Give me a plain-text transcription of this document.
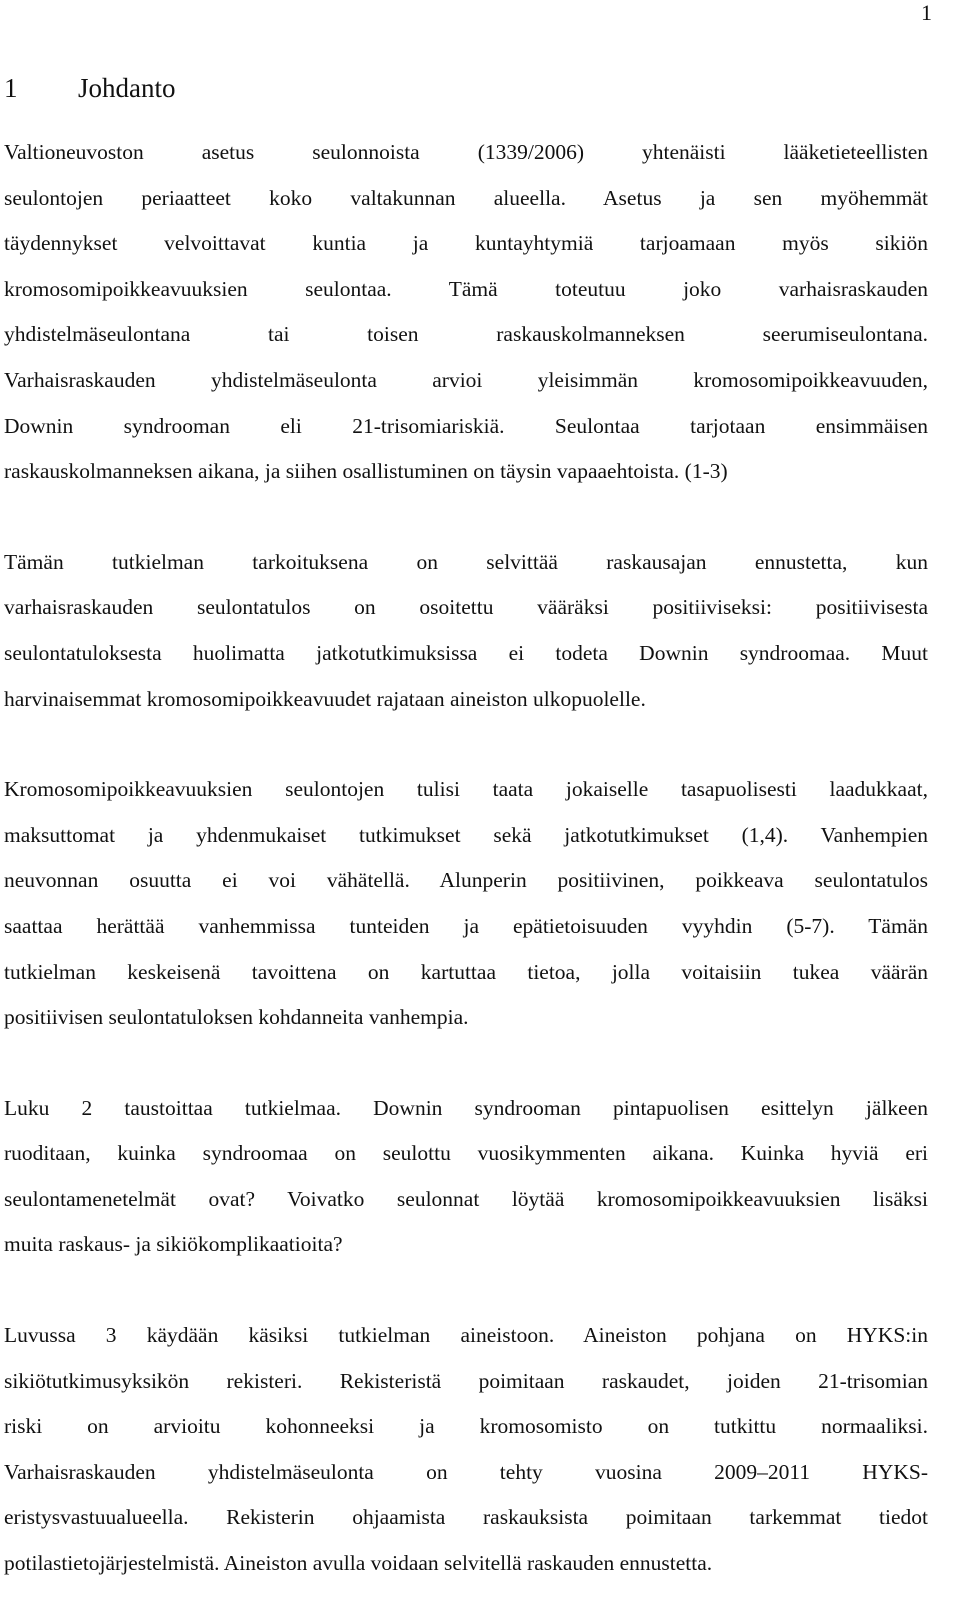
1
1 Johdanto

Valtioneuvoston asetus seulonnoista (1339/2006) yhtenäisti lääketieteellisten
seulontojen periaatteet koko valtakunnan alueella. Asetus ja sen myöhemmät
täydennykset velvoittavat kuntia ja kuntayhtymiä tarjoamaan myös sikiön
kromosomipoikkeavuuksien seulontaa. Tämä toteutuu joko varhaisraskauden
yhdistelmäseulontana tai toisen raskauskolmanneksen seerumiseulontana.
Varhaisraskauden yhdistelmäseulonta arvioi yleisimmän kromosomipoikkeavuuden,
Downin syndrooman eli 21-trisomiariskiä. Seulontaa tarjotaan ensimmäisen
raskauskolmanneksen aikana, ja siihen osallistuminen on täysin vapaaehtoista. (1-3)

Tämän tutkielman tarkoituksena on selvittää raskausajan ennustetta, kun
varhaisraskauden seulontatulos on osoitettu vääräksi positiiviseksi: positiivisesta
seulontatuloksesta huolimatta jatkotutkimuksissa ei todeta Downin syndroomaa. Muut
harvinaisemmat kromosomipoikkeavuudet rajataan aineiston ulkopuolelle.

Kromosomipoikkeavuuksien seulontojen tulisi taata jokaiselle tasapuolisesti laadukkaat,
maksuttomat ja yhdenmukaiset tutkimukset sekä jatkotutkimukset (1,4). Vanhempien
neuvonnan osuutta ei voi vähätellä. Alunperin positiivinen, poikkeava seulontatulos
saattaa herättää vanhemmissa tunteiden ja epätietoisuuden vyyhdin (5-7). Tämän
tutkielman keskeisenä tavoittena on kartuttaa tietoa, jolla voitaisiin tukea väärän
positiivisen seulontatuloksen kohdanneita vanhempia.

Luku 2 taustoittaa tutkielmaa. Downin syndrooman pintapuolisen esittelyn jälkeen
ruoditaan, kuinka syndroomaa on seulottu vuosikymmenten aikana. Kuinka hyviä eri
seulontamenetelmät ovat? Voivatko seulonnat löytää kromosomipoikkeavuuksien lisäksi
muita raskaus- ja sikiökomplikaatioita?

Luvussa 3 käydään käsiksi tutkielman aineistoon. Aineiston pohjana on HYKS:in
sikiötutkimusyksikön rekisteri. Rekisteristä poimitaan raskaudet, joiden 21-trisomian
riski on arvioitu kohonneeksi ja kromosomisto on tutkittu normaaliksi.
Varhaisraskauden yhdistelmäseulonta on tehty vuosina 2009–2011 HYKS-
eristysvastuualueella. Rekisterin ohjaamista raskauksista poimitaan tarkemmat tiedot
potilastietojärjestelmistä. Aineiston avulla voidaan selvitellä raskauden ennustetta.
